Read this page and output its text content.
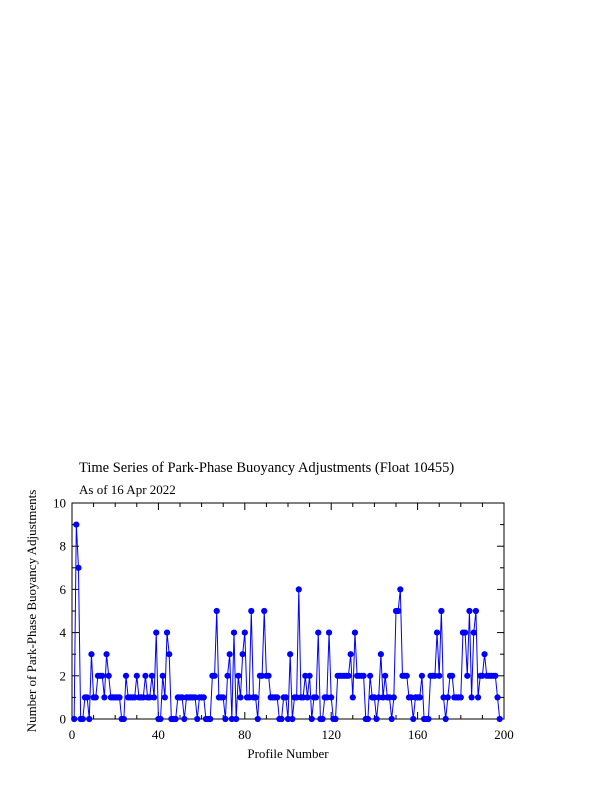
Time Series of Park-Phase Buoyancy Adjustments (Float 10455)
As of 16 Apr 2022
0	40	80	120	160	200
0
2
4
6
8
10
Profile Number
Number of Park-Phase Buoyancy Adjustments
